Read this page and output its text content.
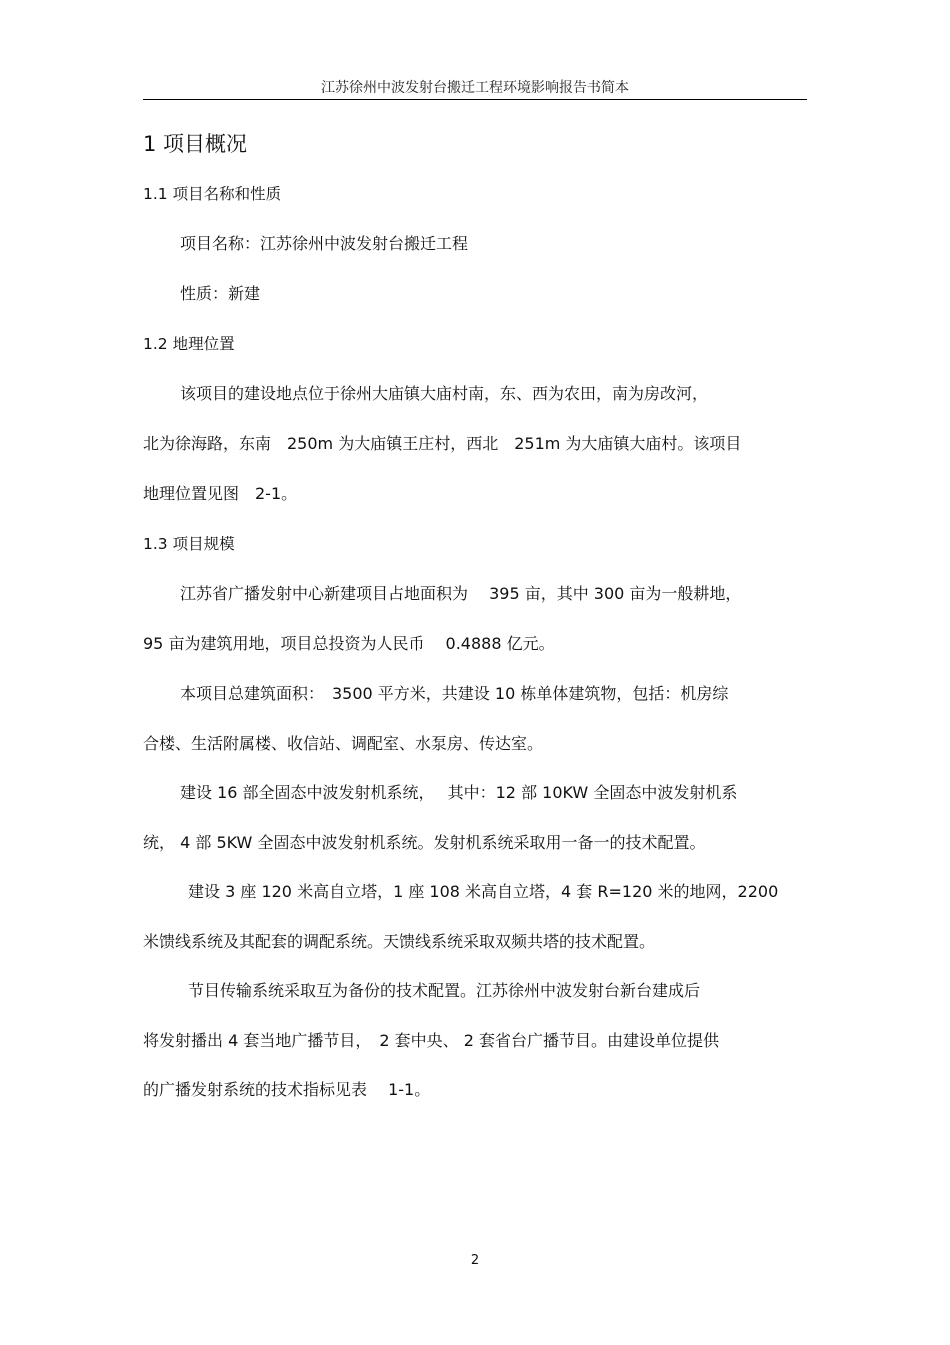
江苏徐州中波发射台搬迁工程环境影响报告书简本
1 项目概况
1.1 项目名称和性质
项目名称：江苏徐州中波发射台搬迁工程
性质：新建
1.2 地理位置
该项目的建设地点位于徐州大庙镇大庙村南，东、西为农田，南为房改河，
北为徐海路，东南　250m 为大庙镇王庄村，西北　251m 为大庙镇大庙村。该项目
地理位置见图　2-1。
1.3 项目规模
江苏省广播发射中心新建项目占地面积为　 395 亩，其中 300 亩为一般耕地，
95 亩为建筑用地，项目总投资为人民币　 0.4888 亿元。
本项目总建筑面积：　3500 平方米，共建设 10 栋单体建筑物，包括：机房综
合楼、生活附属楼、收信站、调配室、水泵房、传达室。
建设 16 部全固态中波发射机系统，　 其中：12 部 10KW 全固态中波发射机系
统， 4 部 5KW 全固态中波发射机系统。发射机系统采取用一备一的技术配置。
建设 3 座 120 米高自立塔，1 座 108 米高自立塔，4 套 R=120 米的地网，2200
米馈线系统及其配套的调配系统。天馈线系统采取双频共塔的技术配置。
节目传输系统采取互为备份的技术配置。江苏徐州中波发射台新台建成后
将发射播出 4 套当地广播节目，　2 套中央、 2 套省台广播节目。由建设单位提供
的广播发射系统的技术指标见表　 1-1。
2
